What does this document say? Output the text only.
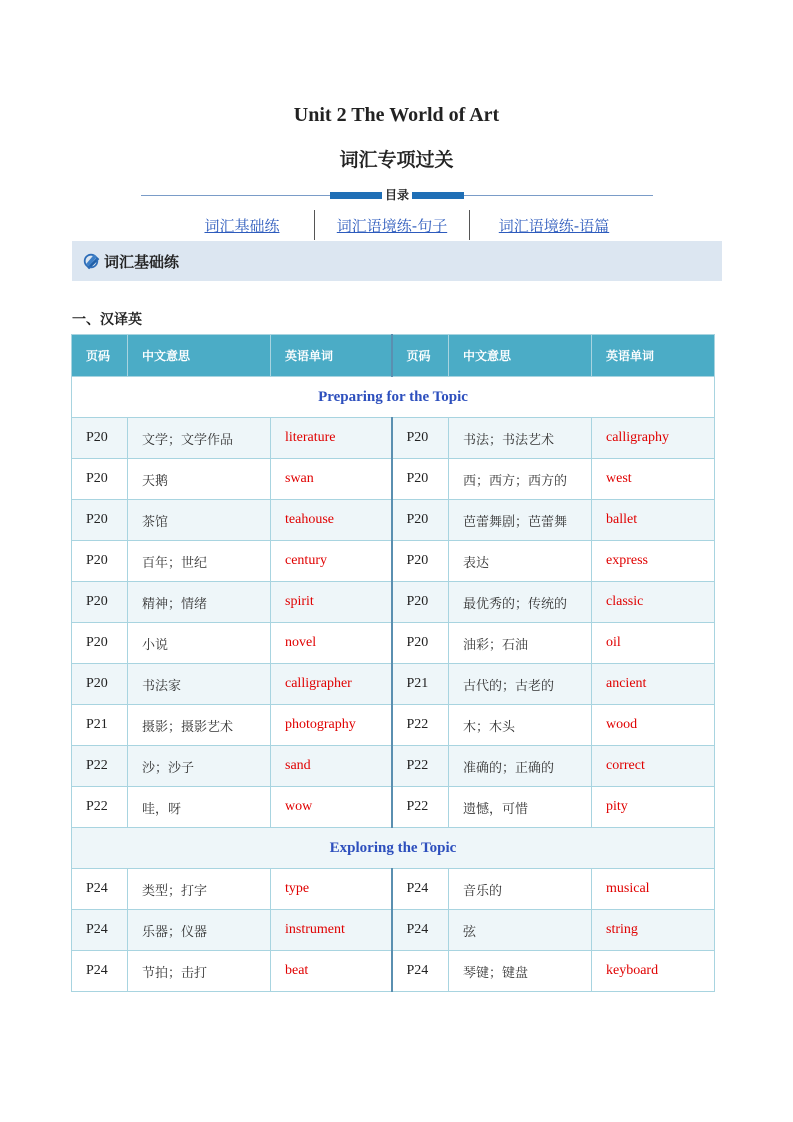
Unit 2 The World of Art
词汇专项过关
目录
词汇基础练	词汇语境练-句子	词汇语境练-语篇
词汇基础练
一、汉译英
页码	中文意思	英语单词	页码	中文意思	英语单词
Preparing for the Topic					
P20	文学；文学作品	literature	P20	书法；书法艺术	calligraphy
P20	天鹅	swan	P20	西；西方；西方的	west
P20	茶馆	teahouse	P20	芭蕾舞剧；芭蕾舞	ballet
P20	百年；世纪	century	P20	表达	express
P20	精神；情绪	spirit	P20	最优秀的；传统的	classic
P20	小说	novel	P20	油彩；石油	oil
P20	书法家	calligrapher	P21	古代的；古老的	ancient
P21	摄影；摄影艺术	photography	P22	木；木头	wood
P22	沙；沙子	sand	P22	准确的；正确的	correct
P22	哇，呀	wow	P22	遗憾，可惜	pity
Exploring the Topic					
P24	类型；打字	type	P24	音乐的	musical
P24	乐器；仪器	instrument	P24	弦	string
P24	节拍；击打	beat	P24	琴键；键盘	keyboard
